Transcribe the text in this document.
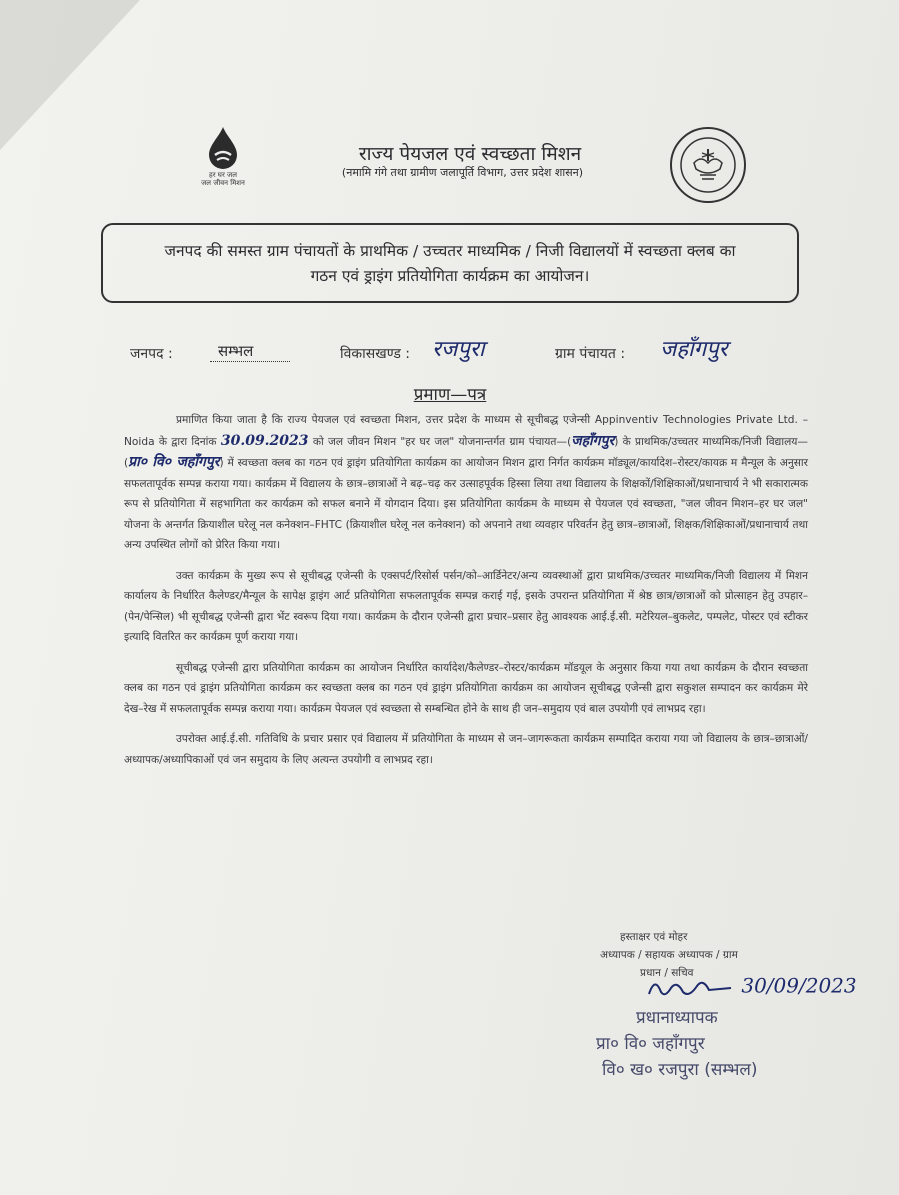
हर घर जल
जल जीवन मिशन
राज्य पेयजल एवं स्वच्छता मिशन
(नमामि गंगे तथा ग्रामीण जलापूर्ति विभाग, उत्तर प्रदेश शासन)
जनपद की समस्त ग्राम पंचायतों के प्राथमिक / उच्चतर माध्यमिक / निजी विद्यालयों में स्वच्छता क्लब का
गठन एवं ड्राइंग प्रतियोगिता कार्यक्रम का आयोजन।
जनपद :	सम्भल	विकासखण्ड : रजपुरा	ग्राम पंचायत : जहाँगपुर
प्रमाण—पत्र

प्रमाणित किया जाता है कि राज्य पेयजल एवं स्वच्छता मिशन, उत्तर प्रदेश के माध्यम से सूचीबद्ध एजेन्सी Appinventiv Technologies Private Ltd. – Noida के द्वारा दिनांक 30.09.2023 को जल जीवन मिशन "हर घर जल" योजनान्तर्गत ग्राम पंचायत—(जहाँगपुर) के प्राथमिक/उच्चतर माध्यमिक/निजी विद्यालय—(प्रा० वि० जहाँगपुर) में स्वच्छता क्लब का गठन एवं ड्राइंग प्रतियोगिता कार्यक्रम का आयोजन मिशन द्वारा निर्गत कार्यक्रम मॉड्यूल/कार्यादेश–रोस्टर/कायक्र म मैन्यूल के अनुसार सफलतापूर्वक सम्पन्न कराया गया। कार्यक्रम में विद्यालय के छात्र–छात्राओं ने बढ़–चढ़ कर उत्साहपूर्वक हिस्सा लिया तथा विद्यालय के शिक्षकों/शिक्षिकाओं/प्रधानाचार्य ने भी सकारात्मक रूप से प्रतियोगिता में सहभागिता कर कार्यक्रम को सफल बनाने में योगदान दिया। इस प्रतियोगिता कार्यक्रम के माध्यम से पेयजल एवं स्वच्छता, "जल जीवन मिशन–हर घर जल" योजना के अन्तर्गत क्रियाशील घरेलू नल कनेक्शन–FHTC (क्रियाशील घरेलू नल कनेक्शन) को अपनाने तथा व्यवहार परिवर्तन हेतु छात्र–छात्राओं, शिक्षक/शिक्षिकाओं/प्रधानाचार्य तथा अन्य उपस्थित लोगों को प्रेरित किया गया।

उक्त कार्यक्रम के मुख्य रूप से सूचीबद्ध एजेन्सी के एक्सपर्ट/रिसोर्स पर्सन/को–आर्डिनेटर/अन्य व्यवस्थाओं द्वारा प्राथमिक/उच्चतर माध्यमिक/निजी विद्यालय में मिशन कार्यालय के निर्धारित कैलेण्डर/मैन्यूल के सापेक्ष ड्राइंग आर्ट प्रतियोगिता सफलतापूर्वक सम्पन्न कराई गई, इसके उपरान्त प्रतियोगिता में श्रेष्ठ छात्र/छात्राओं को प्रोत्साहन हेतु उपहार–(पेन/पेन्सिल) भी सूचीबद्ध एजेन्सी द्वारा भेंट स्वरूप दिया गया। कार्यक्रम के दौरान एजेन्सी द्वारा प्रचार–प्रसार हेतु आवश्यक आई.ई.सी. मटेरियल–बुकलेट, पम्पलेट, पोस्टर एवं स्टीकर इत्यादि वितरित कर कार्यक्रम पूर्ण कराया गया।

सूचीबद्ध एजेन्सी द्वारा प्रतियोगिता कार्यक्रम का आयोजन निर्धारित कार्यादेश/कैलेण्डर–रोस्टर/कार्यक्रम मॉडयूल के अनुसार किया गया तथा कार्यक्रम के दौरान स्वच्छता क्लब का गठन एवं ड्राइंग प्रतियोगिता कार्यक्रम कर स्वच्छता क्लब का गठन एवं ड्राइंग प्रतियोगिता कार्यक्रम का आयोजन सूचीबद्ध एजेन्सी द्वारा सकुशल सम्पादन कर कार्यक्रम मेरे देख–रेख में सफलतापूर्वक सम्पन्न कराया गया। कार्यक्रम पेयजल एवं स्वच्छता से सम्बन्धित होने के साथ ही जन–समुदाय एवं बाल उपयोगी एवं लाभप्रद रहा।

उपरोक्त आई.ई.सी. गतिविधि के प्रचार प्रसार एवं विद्यालय में प्रतियोगिता के माध्यम से जन–जागरूकता कार्यक्रम सम्पादित कराया गया जो विद्यालय के छात्र–छात्राओं/अध्यापक/अध्यापिकाओं एवं जन समुदाय के लिए अत्यन्त उपयोगी व लाभप्रद रहा।

हस्ताक्षर एवं मोहर
अध्यापक / सहायक अध्यापक / ग्राम
प्रधान / सचिव
30/09/2023
प्रधानाध्यापक
प्रा० वि० जहाँगपुर
वि० ख० रजपुरा (सम्भल)
